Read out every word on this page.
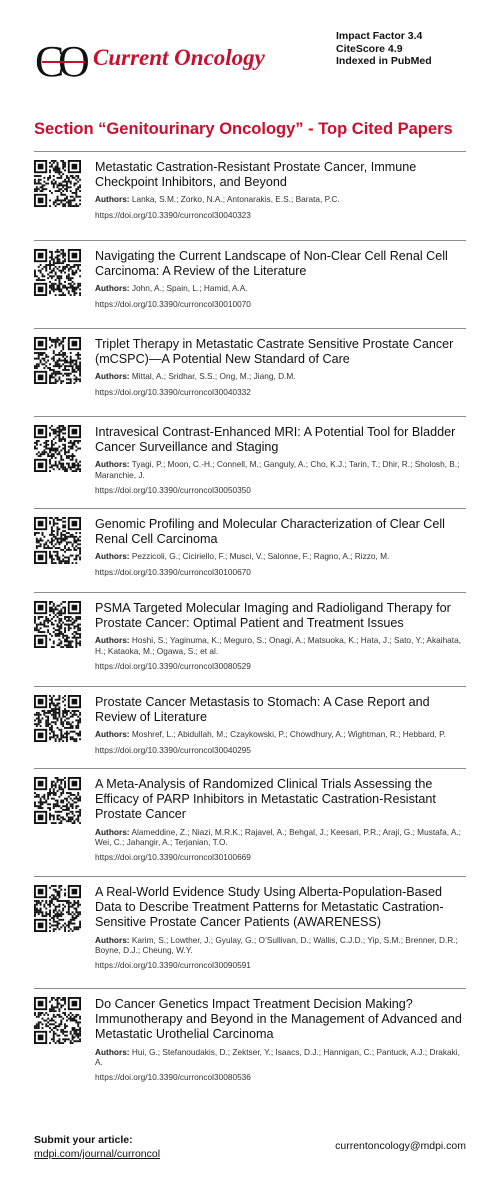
C
O Current Oncology
Impact Factor 3.4
CiteScore 4.9
Indexed in PubMed
Section “Genitourinary Oncology” - Top Cited Papers
Metastatic Castration-Resistant Prostate Cancer, Immune Checkpoint Inhibitors, and Beyond
Authors: Lanka, S.M.; Zorko, N.A.; Antonarakis, E.S.; Barata, P.C.
https://doi.org/10.3390/curroncol30040323
Navigating the Current Landscape of Non-Clear Cell Renal Cell Carcinoma: A Review of the Literature
Authors: John, A.; Spain, L.; Hamid, A.A.
https://doi.org/10.3390/curroncol30010070
Triplet Therapy in Metastatic Castrate Sensitive Prostate Cancer (mCSPC)—A Potential New Standard of Care
Authors: Mittal, A.; Sridhar, S.S.; Ong, M.; Jiang, D.M.
https://doi.org/10.3390/curroncol30040332
Intravesical Contrast-Enhanced MRI: A Potential Tool for Bladder Cancer Surveillance and Staging
Authors: Tyagi, P.; Moon, C.-H.; Connell, M.; Ganguly, A.; Cho, K.J.; Tarin, T.; Dhir, R.; Sholosh, B.; Maranchie, J.
https://doi.org/10.3390/curroncol30050350
Genomic Profiling and Molecular Characterization of Clear Cell Renal Cell Carcinoma
Authors: Pezzicoli, G.; Ciciriello, F.; Musci, V.; Salonne, F.; Ragno, A.; Rizzo, M.
https://doi.org/10.3390/curroncol30100670
PSMA Targeted Molecular Imaging and Radioligand Therapy for Prostate Cancer: Optimal Patient and Treatment Issues
Authors: Hoshi, S.; Yaginuma, K.; Meguro, S.; Onagi, A.; Matsuoka, K.; Hata, J.; Sato, Y.; Akaihata, H.; Kataoka, M.; Ogawa, S.; et al.
https://doi.org/10.3390/curroncol30080529
Prostate Cancer Metastasis to Stomach: A Case Report and Review of Literature
Authors: Moshref, L.; Abidullah, M.; Czaykowski, P.; Chowdhury, A.; Wightman, R.; Hebbard, P.
https://doi.org/10.3390/curroncol30040295
A Meta-Analysis of Randomized Clinical Trials Assessing the Efficacy of PARP Inhibitors in Metastatic Castration-Resistant Prostate Cancer
Authors: Alameddine, Z.; Niazi, M.R.K.; Rajavel, A.; Behgal, J.; Keesari, P.R.; Araji, G.; Mustafa, A.; Wei, C.; Jahangir, A.; Terjanian, T.O.
https://doi.org/10.3390/curroncol30100669
A Real-World Evidence Study Using Alberta-Population-Based Data to Describe Treatment Patterns for Metastatic Castration-Sensitive Prostate Cancer Patients (AWARENESS)
Authors: Karim, S.; Lowther, J.; Gyulay, G.; O’Sullivan, D.; Wallis, C.J.D.; Yip, S.M.; Brenner, D.R.; Boyne, D.J.; Cheung, W.Y.
https://doi.org/10.3390/curroncol30090591
Do Cancer Genetics Impact Treatment Decision Making? Immunotherapy and Beyond in the Management of Advanced and Metastatic Urothelial Carcinoma
Authors: Hui, G.; Stefanoudakis, D.; Zektser, Y.; Isaacs, D.J.; Hannigan, C.; Pantuck, A.J.; Drakaki, A.
https://doi.org/10.3390/curroncol30080536
Submit your article:
mdpi.com/journal/curroncol
currentoncology@mdpi.com
